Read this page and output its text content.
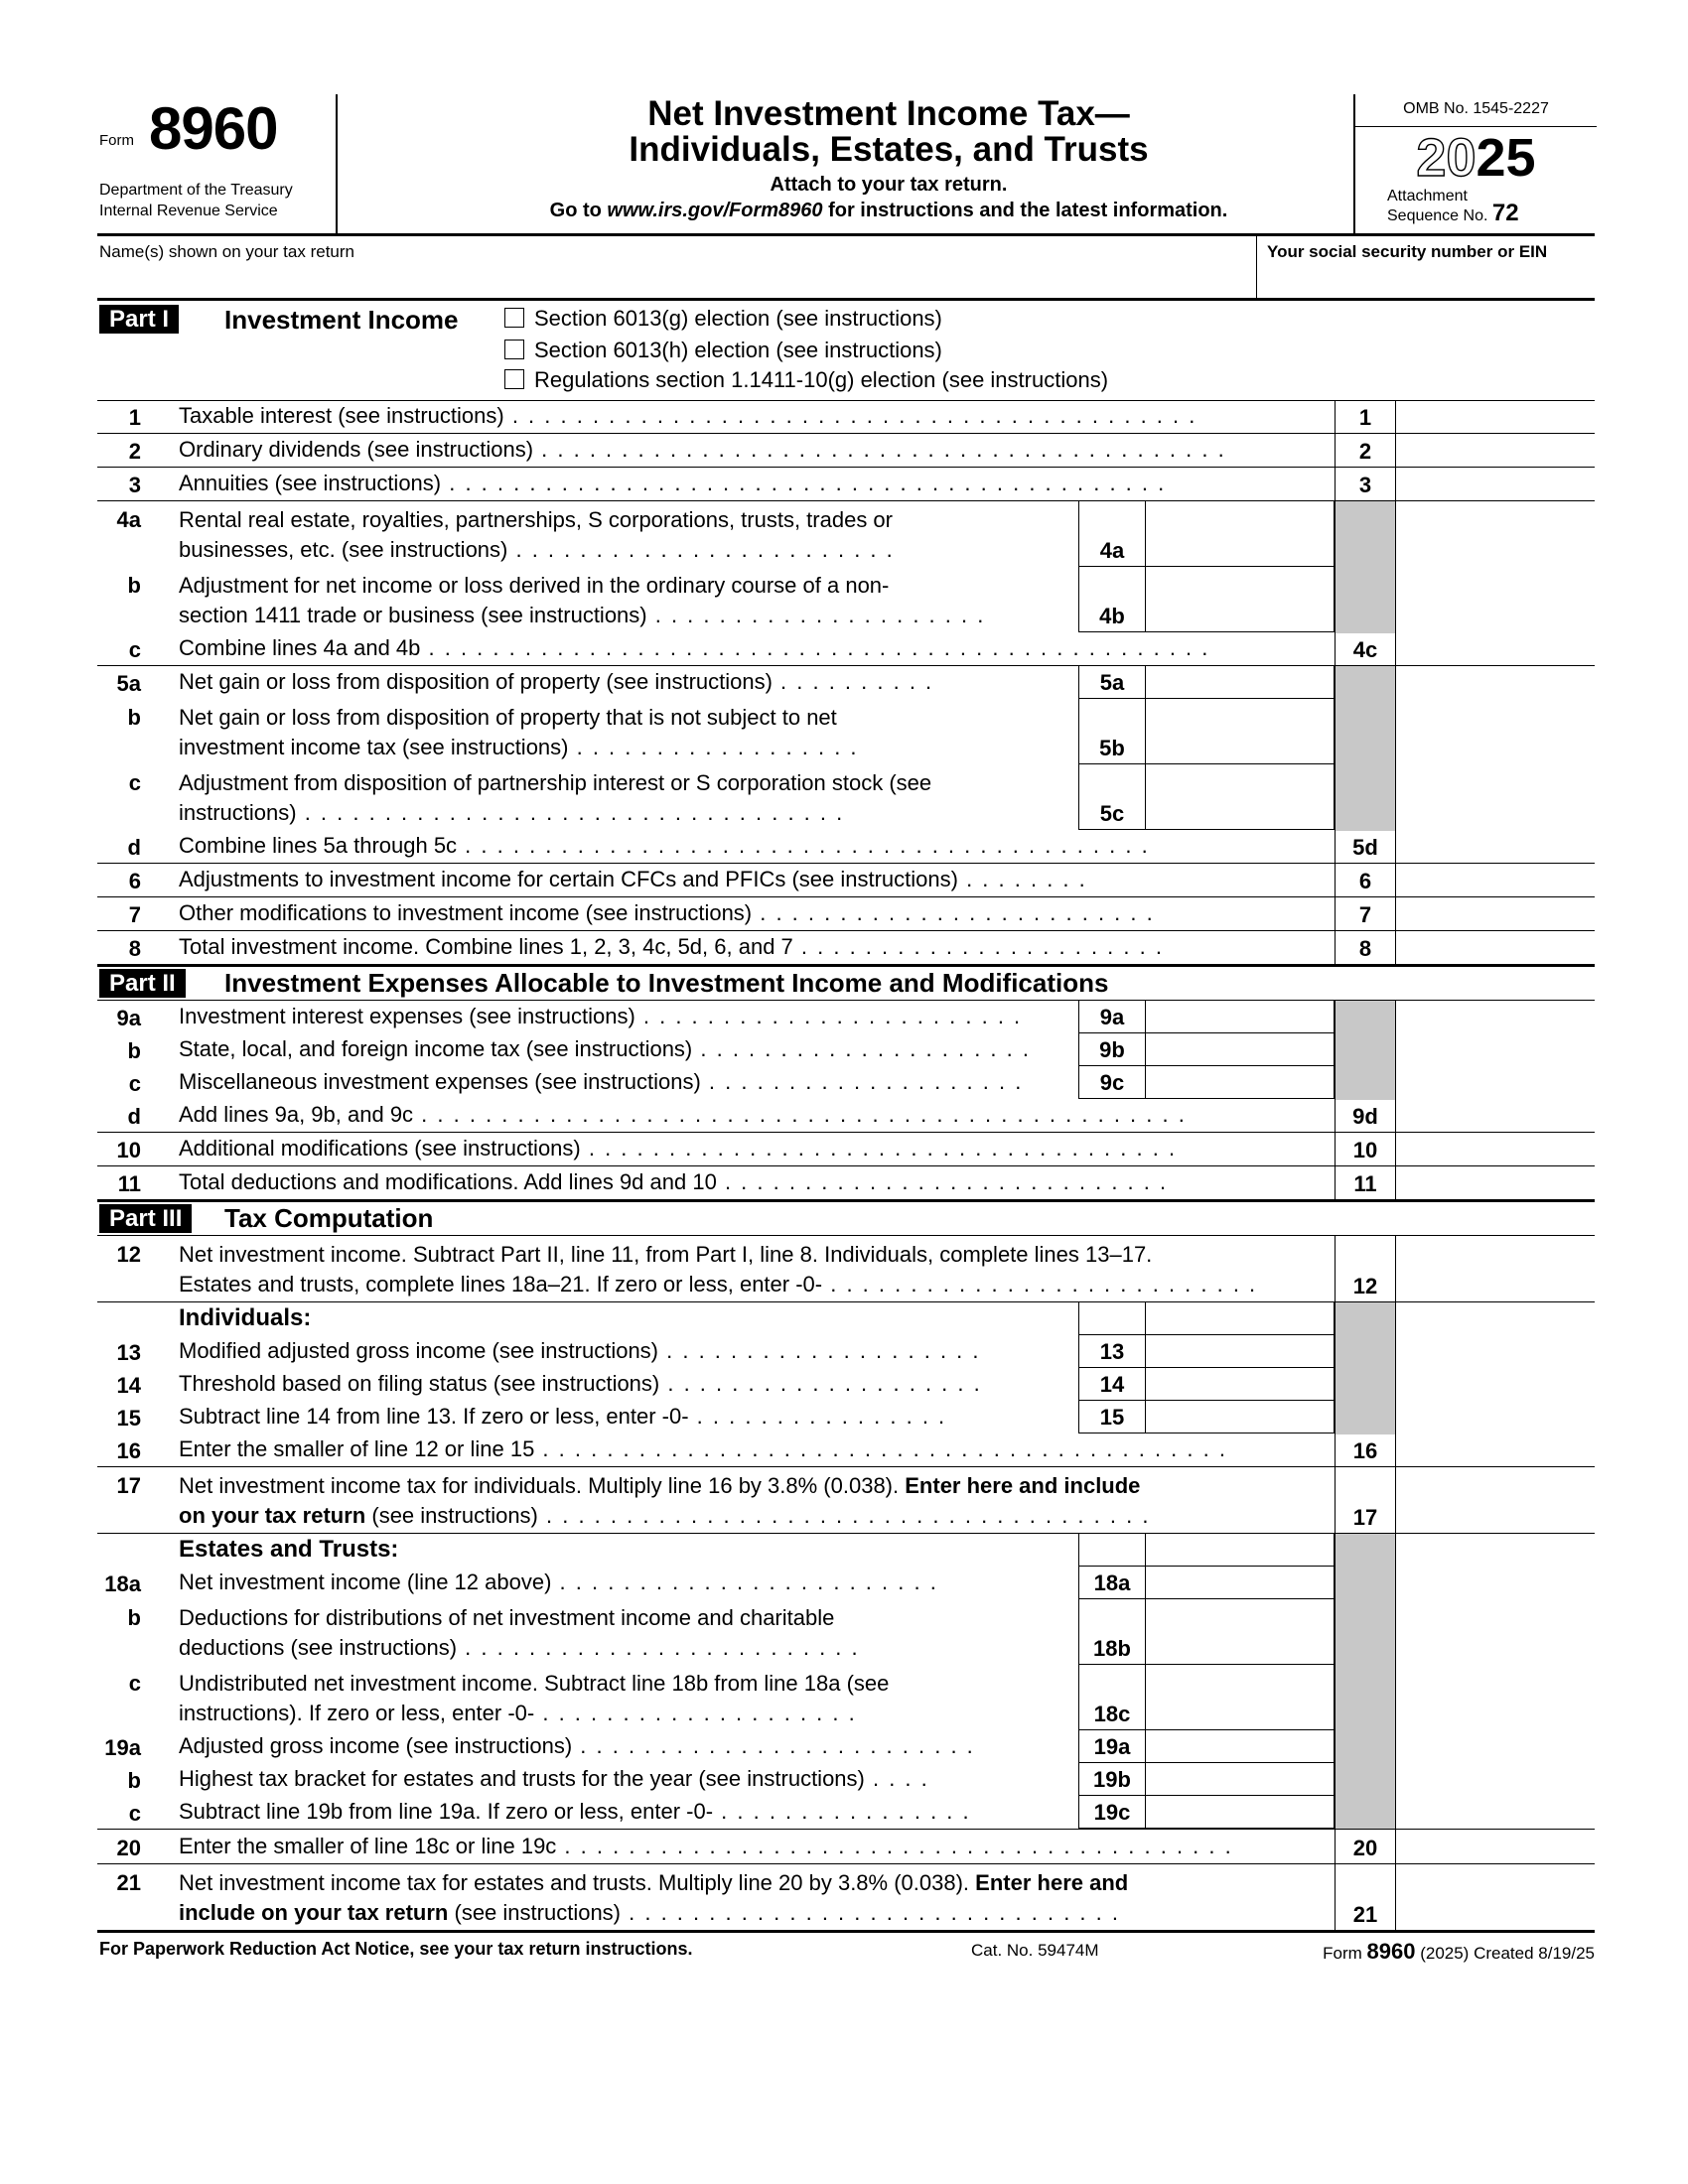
Form 8960
Department of the Treasury
Internal Revenue Service
Net Investment Income Tax—
Individuals, Estates, and Trusts
Attach to your tax return.
Go to www.irs.gov/Form8960 for instructions and the latest information.
OMB No. 1545-2227
2025
Attachment
Sequence No. 72
Name(s) shown on your tax return	Your social security number or EIN
Part I	Investment Income	Section 6013(g) election (see instructions)
Section 6013(h) election (see instructions)
Regulations section 1.1411-10(g) election (see instructions)
1 Taxable interest (see instructions) . . . . . . . . . . . . . . . . . . . . . . . . . . . . . . . . . . . . . . . . . . .	1
2 Ordinary dividends (see instructions) . . . . . . . . . . . . . . . . . . . . . . . . . . . . . . . . . . . . . . . . . . .	2
3 Annuities (see instructions) . . . . . . . . . . . . . . . . . . . . . . . . . . . . . . . . . . . . . . . . . . . . .	3
4a Rental real estate, royalties, partnerships, S corporations, trusts, trades or
businesses, etc. (see instructions) . . . . . . . . . . . . . . . . . . . . . . . .	4a
b Adjustment for net income or loss derived in the ordinary course of a non-
section 1411 trade or business (see instructions) . . . . . . . . . . . . . . . . . . . . .	4b
c Combine lines 4a and 4b . . . . . . . . . . . . . . . . . . . . . . . . . . . . . . . . . . . . . . . . . . . . . . . . .	4c
5a Net gain or loss from disposition of property (see instructions) . . . . . . . . . .	5a
b Net gain or loss from disposition of property that is not subject to net
investment income tax (see instructions) . . . . . . . . . . . . . . . . . .	5b
c Adjustment from disposition of partnership interest or S corporation stock (see
instructions) . . . . . . . . . . . . . . . . . . . . . . . . . . . . . . . . . .	5c
d Combine lines 5a through 5c . . . . . . . . . . . . . . . . . . . . . . . . . . . . . . . . . . . . . . . . . . .	5d
6 Adjustments to investment income for certain CFCs and PFICs (see instructions) . . . . . . . .	6
7 Other modifications to investment income (see instructions) . . . . . . . . . . . . . . . . . . . . . . . . .	7
8 Total investment income. Combine lines 1, 2, 3, 4c, 5d, 6, and 7 . . . . . . . . . . . . . . . . . . . . . . .	8
Part II	Investment Expenses Allocable to Investment Income and Modifications
9a Investment interest expenses (see instructions) . . . . . . . . . . . . . . . . . . . . . . . .	9a
b State, local, and foreign income tax (see instructions) . . . . . . . . . . . . . . . . . . . . .	9b
c Miscellaneous investment expenses (see instructions) . . . . . . . . . . . . . . . . . . . .	9c
d Add lines 9a, 9b, and 9c . . . . . . . . . . . . . . . . . . . . . . . . . . . . . . . . . . . . . . . . . . . . . . . .	9d
10 Additional modifications (see instructions) . . . . . . . . . . . . . . . . . . . . . . . . . . . . . . . . . . . . .	10
11 Total deductions and modifications. Add lines 9d and 10 . . . . . . . . . . . . . . . . . . . . . . . . . . . .	11
Part III	Tax Computation
12 Net investment income. Subtract Part II, line 11, from Part I, line 8. Individuals, complete lines 13–17.
Estates and trusts, complete lines 18a–21. If zero or less, enter -0- . . . . . . . . . . . . . . . . . . . . . . . . . . .	12
Individuals:
13 Modified adjusted gross income (see instructions) . . . . . . . . . . . . . . . . . . . .	13
14 Threshold based on filing status (see instructions) . . . . . . . . . . . . . . . . . . . .	14
15 Subtract line 14 from line 13. If zero or less, enter -0- . . . . . . . . . . . . . . . .	15
16 Enter the smaller of line 12 or line 15 . . . . . . . . . . . . . . . . . . . . . . . . . . . . . . . . . . . . . . . . . . .	16
17 Net investment income tax for individuals. Multiply line 16 by 3.8% (0.038). Enter here and include
on your tax return (see instructions) . . . . . . . . . . . . . . . . . . . . . . . . . . . . . . . . . . . . . .	17
Estates and Trusts:
18a Net investment income (line 12 above) . . . . . . . . . . . . . . . . . . . . . . . .	18a
b Deductions for distributions of net investment income and charitable
deductions (see instructions) . . . . . . . . . . . . . . . . . . . . . . . . .	18b
c Undistributed net investment income. Subtract line 18b from line 18a (see
instructions). If zero or less, enter -0- . . . . . . . . . . . . . . . . . . . .	18c
19a Adjusted gross income (see instructions) . . . . . . . . . . . . . . . . . . . . . . . . .	19a
b Highest tax bracket for estates and trusts for the year (see instructions) . . . .	19b
c Subtract line 19b from line 19a. If zero or less, enter -0- . . . . . . . . . . . . . . . .	19c
20 Enter the smaller of line 18c or line 19c . . . . . . . . . . . . . . . . . . . . . . . . . . . . . . . . . . . . . . . . . .	20
21 Net investment income tax for estates and trusts. Multiply line 20 by 3.8% (0.038). Enter here and
include on your tax return (see instructions) . . . . . . . . . . . . . . . . . . . . . . . . . . . . . . .	21
For Paperwork Reduction Act Notice, see your tax return instructions.	Cat. No. 59474M	Form 8960 (2025) Created 8/19/25
